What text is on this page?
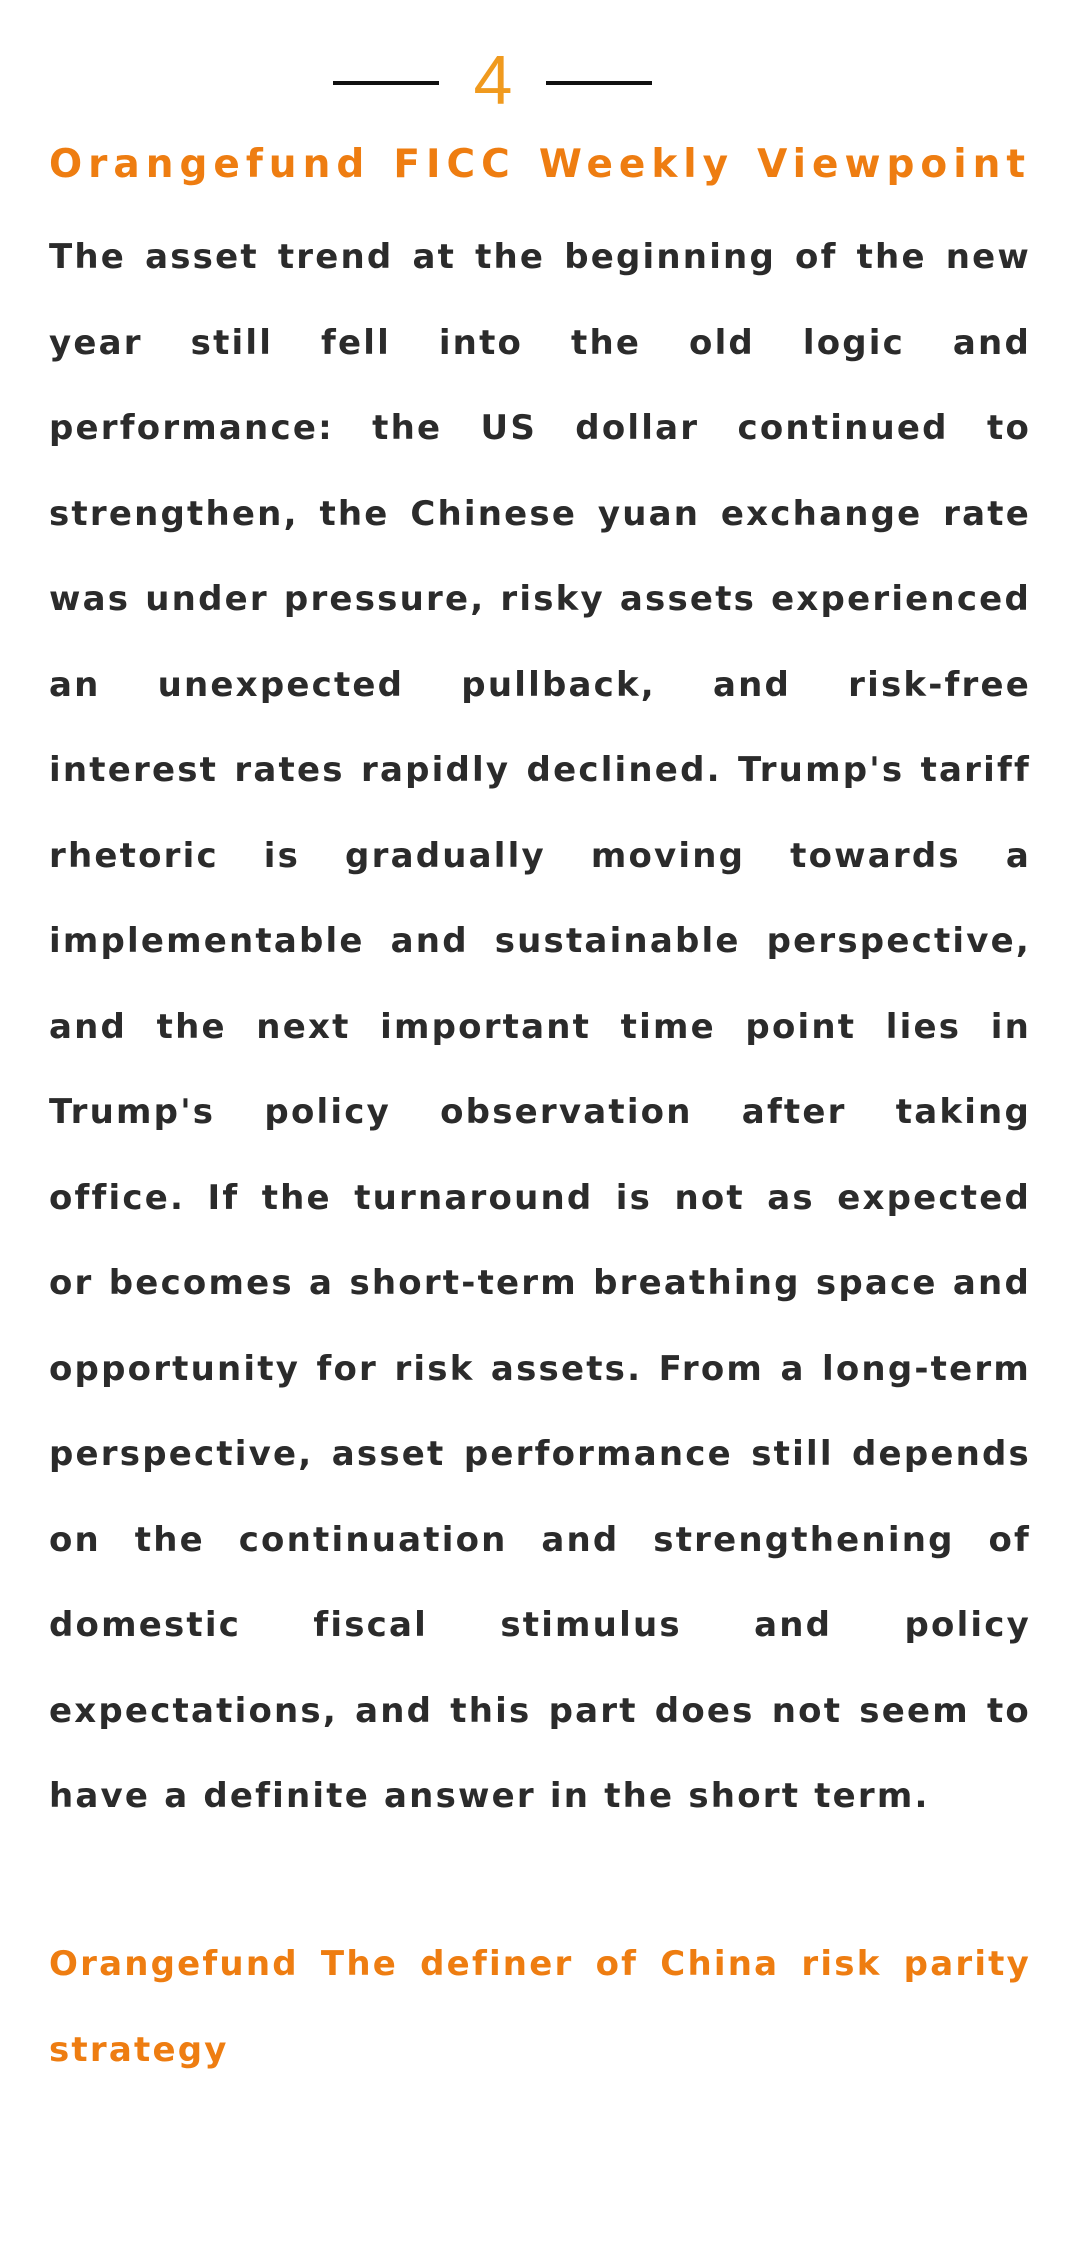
4
Orangefund FICC Weekly Viewpoint

The asset trend at the beginning of the new year still fell into the old logic and performance: the US dollar continued to strengthen, the Chinese yuan exchange rate was under pressure, risky assets experienced an unexpected pullback, and risk-free interest rates rapidly declined. Trump's tariff rhetoric is gradually moving towards a implementable and sustainable perspective, and the next important time point lies in Trump's policy observation after taking office. If the turnaround is not as expected or becomes a short-term breathing space and opportunity for risk assets. From a long-term perspective, asset performance still depends on the continuation and strengthening of domestic fiscal stimulus and policy expectations, and this part does not seem to have a definite answer in the short term.

Orangefund The definer of China risk parity strategy
